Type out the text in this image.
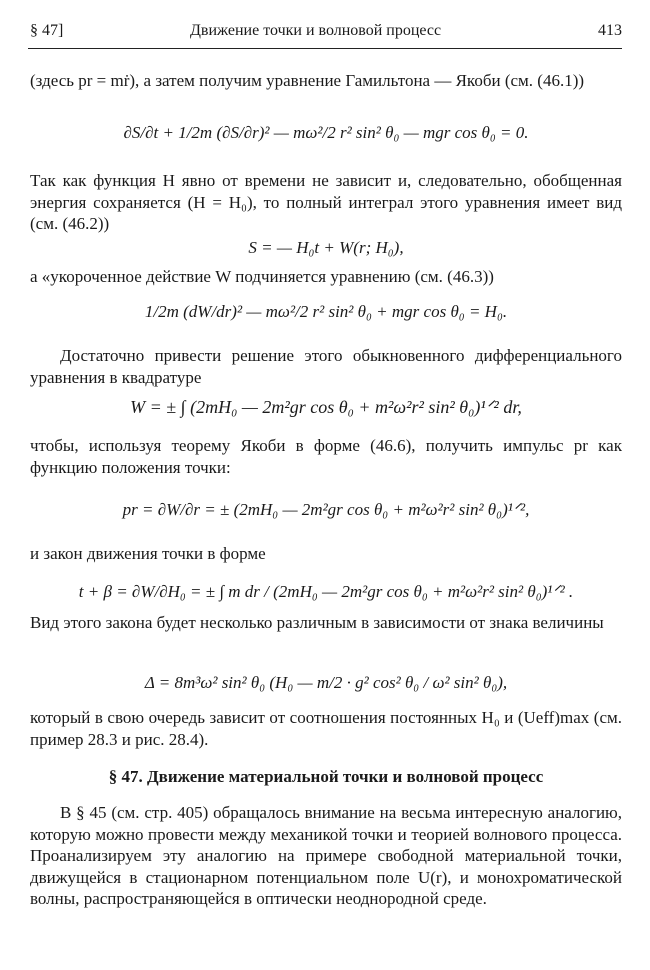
§ 47]	Движение точки и волновой процесс	413
(здесь pr = mṙ), а затем получим уравнение Гамильтона — Якоби (см. (46.1))
∂S/∂t + 1/2m (∂S/∂r)² — mω²/2 r² sin² θ₀ — mgr cos θ₀ = 0.
Так как функция H явно от времени не зависит и, следовательно, обобщенная энергия сохраняется (H = H₀), то полный интеграл этого уравнения имеет вид (см. (46.2))
S = — H₀t + W(r; H₀),
а «укороченное действие W подчиняется уравнению (см. (46.3))
1/2m (dW/dr)² — mω²/2 r² sin² θ₀ + mgr cos θ₀ = H₀.
Достаточно привести решение этого обыкновенного дифференциального уравнения в квадратуре
W = ± ∫ (2mH₀ — 2m²gr cos θ₀ + m²ω²r² sin² θ₀)¹ᐟ² dr,
чтобы, используя теорему Якоби в форме (46.6), получить импульс pr как функцию положения точки:
pr = ∂W/∂r = ± (2mH₀ — 2m²gr cos θ₀ + m²ω²r² sin² θ₀)¹ᐟ²,
и закон движения точки в форме
t + β = ∂W/∂H₀ = ± ∫ m dr / (2mH₀ — 2m²gr cos θ₀ + m²ω²r² sin² θ₀)¹ᐟ² .
Вид этого закона будет несколько различным в зависимости от знака величины
Δ = 8m³ω² sin² θ₀ (H₀ — m/2 · g² cos² θ₀ / ω² sin² θ₀),
который в свою очередь зависит от соотношения постоянных H₀ и (Ueff)max (см. пример 28.3 и рис. 28.4).
§ 47. Движение материальной точки и волновой процесс
В § 45 (см. стр. 405) обращалось внимание на весьма интересную аналогию, которую можно провести между механикой точки и теорией волнового процесса. Проанализируем эту аналогию на примере свободной материальной точки, движущейся в стационарном потенциальном поле U(r), и монохроматической волны, распространяющейся в оптически неоднородной среде.
